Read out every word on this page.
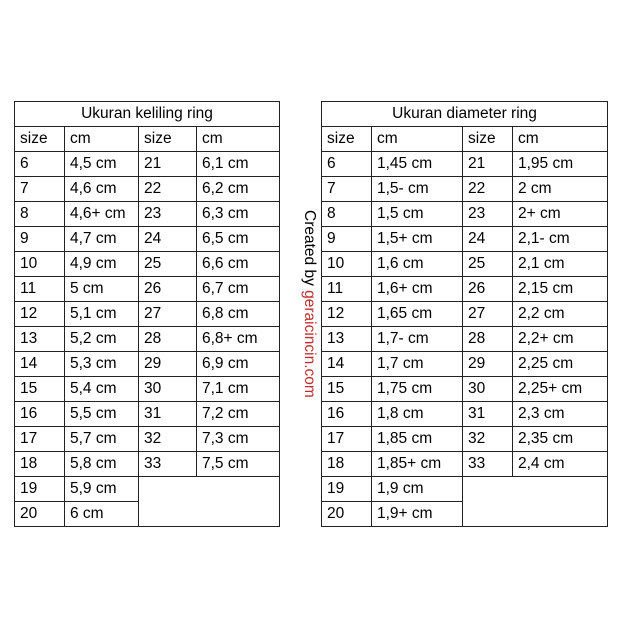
Ukuran keliling ring			
size	cm	size	cm
6	4,5 cm	21	6,1 cm
7	4,6 cm	22	6,2 cm
8	4,6+ cm	23	6,3 cm
9	4,7 cm	24	6,5 cm
10	4,9 cm	25	6,6 cm
11	5 cm	26	6,7 cm
12	5,1 cm	27	6,8 cm
13	5,2 cm	28	6,8+ cm
14	5,3 cm	29	6,9 cm
15	5,4 cm	30	7,1 cm
16	5,5 cm	31	7,2 cm
17	5,7 cm	32	7,3 cm
18	5,8 cm	33	7,5 cm
19	5,9 cm		
20	6 cm		
Created by geraicincin.com
Ukuran diameter ring			
size	cm	size	cm
6	1,45 cm	21	1,95 cm
7	1,5- cm	22	2 cm
8	1,5 cm	23	2+ cm
9	1,5+ cm	24	2,1- cm
10	1,6 cm	25	2,1 cm
11	1,6+ cm	26	2,15 cm
12	1,65 cm	27	2,2 cm
13	1,7- cm	28	2,2+ cm
14	1,7 cm	29	2,25 cm
15	1,75 cm	30	2,25+ cm
16	1,8 cm	31	2,3 cm
17	1,85 cm	32	2,35 cm
18	1,85+ cm	33	2,4 cm
19	1,9 cm		
20	1,9+ cm		
